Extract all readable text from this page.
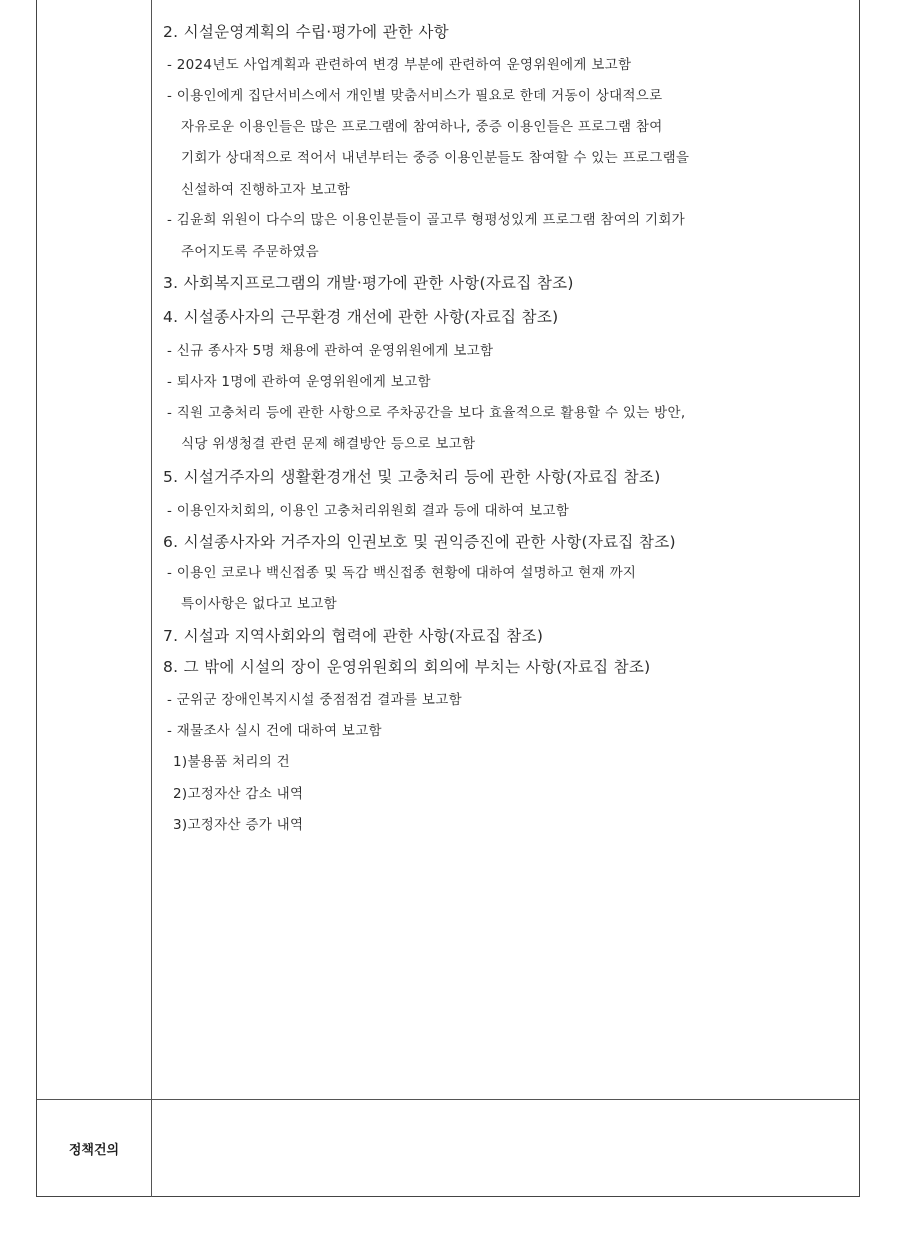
2. 시설운영계획의 수립·평가에 관한 사항
- 2024년도 사업계획과 관련하여 변경 부분에 관련하여 운영위원에게 보고함
- 이용인에게 집단서비스에서 개인별 맞춤서비스가 필요로 한데 거동이 상대적으로
자유로운 이용인들은 많은 프로그램에 참여하나, 중증 이용인들은 프로그램 참여
기회가 상대적으로 적어서 내년부터는 중증 이용인분들도 참여할 수 있는 프로그램을
신설하여 진행하고자 보고함
- 김윤희 위원이 다수의 많은 이용인분들이 골고루 형평성있게 프로그램 참여의 기회가
주어지도록 주문하였음
3. 사회복지프로그램의 개발·평가에 관한 사항(자료집 참조)
4. 시설종사자의 근무환경 개선에 관한 사항(자료집 참조)
- 신규 종사자 5명 채용에 관하여 운영위원에게 보고함
- 퇴사자 1명에 관하여 운영위원에게 보고함
- 직원 고충처리 등에 관한 사항으로 주차공간을 보다 효율적으로 활용할 수 있는 방안,
식당 위생청결 관련 문제 해결방안 등으로 보고함
5. 시설거주자의 생활환경개선 및 고충처리 등에 관한 사항(자료집 참조)
- 이용인자치회의, 이용인 고충처리위원회 결과 등에 대하여 보고함
6. 시설종사자와 거주자의 인권보호 및 권익증진에 관한 사항(자료집 참조)
- 이용인 코로나 백신접종 및 독감 백신접종 현황에 대하여 설명하고 현재 까지
특이사항은 없다고 보고함
7. 시설과 지역사회와의 협력에 관한 사항(자료집 참조)
8. 그 밖에 시설의 장이 운영위원회의 회의에 부치는 사항(자료집 참조)
- 군위군 장애인복지시설 중점점검 결과를 보고함
- 재물조사 실시 건에 대하여 보고함
1)불용품 처리의 건
2)고정자산 감소 내역
3)고정자산 증가 내역
정책건의
